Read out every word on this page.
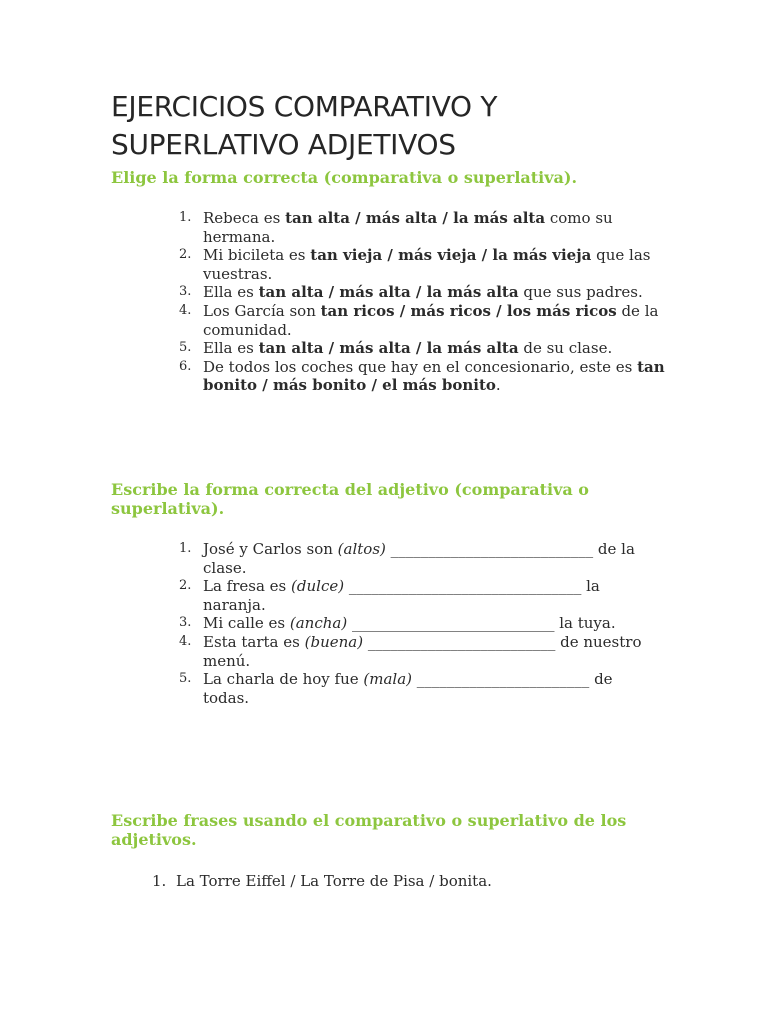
EJERCICIOS COMPARATIVO Y SUPERLATIVO ADJETIVOS

Elige la forma correcta (comparativa o superlativa).

1. Rebeca es tan alta / más alta / la más alta como su hermana.
2. Mi bicileta es tan vieja / más vieja / la más vieja que las vuestras.
3. Ella es tan alta / más alta / la más alta que sus padres.
4. Los García son tan ricos / más ricos / los más ricos de la comunidad.
5. Ella es tan alta / más alta / la más alta de su clase.
6. De todos los coches que hay en el concesionario, este es tan bonito / más bonito / el más bonito.

Escribe la forma correcta del adjetivo (comparativa o superlativa).

1. José y Carlos son (altos) ___________________________ de la clase.
2. La fresa es (dulce) _______________________________ la naranja.
3. Mi calle es (ancha) ___________________________ la tuya.
4. Esta tarta es (buena) _________________________ de nuestro menú.
5. La charla de hoy fue (mala) _______________________ de todas.

Escribe frases usando el comparativo o superlativo de los adjetivos.

1. La Torre Eiffel / La Torre de Pisa / bonita.
